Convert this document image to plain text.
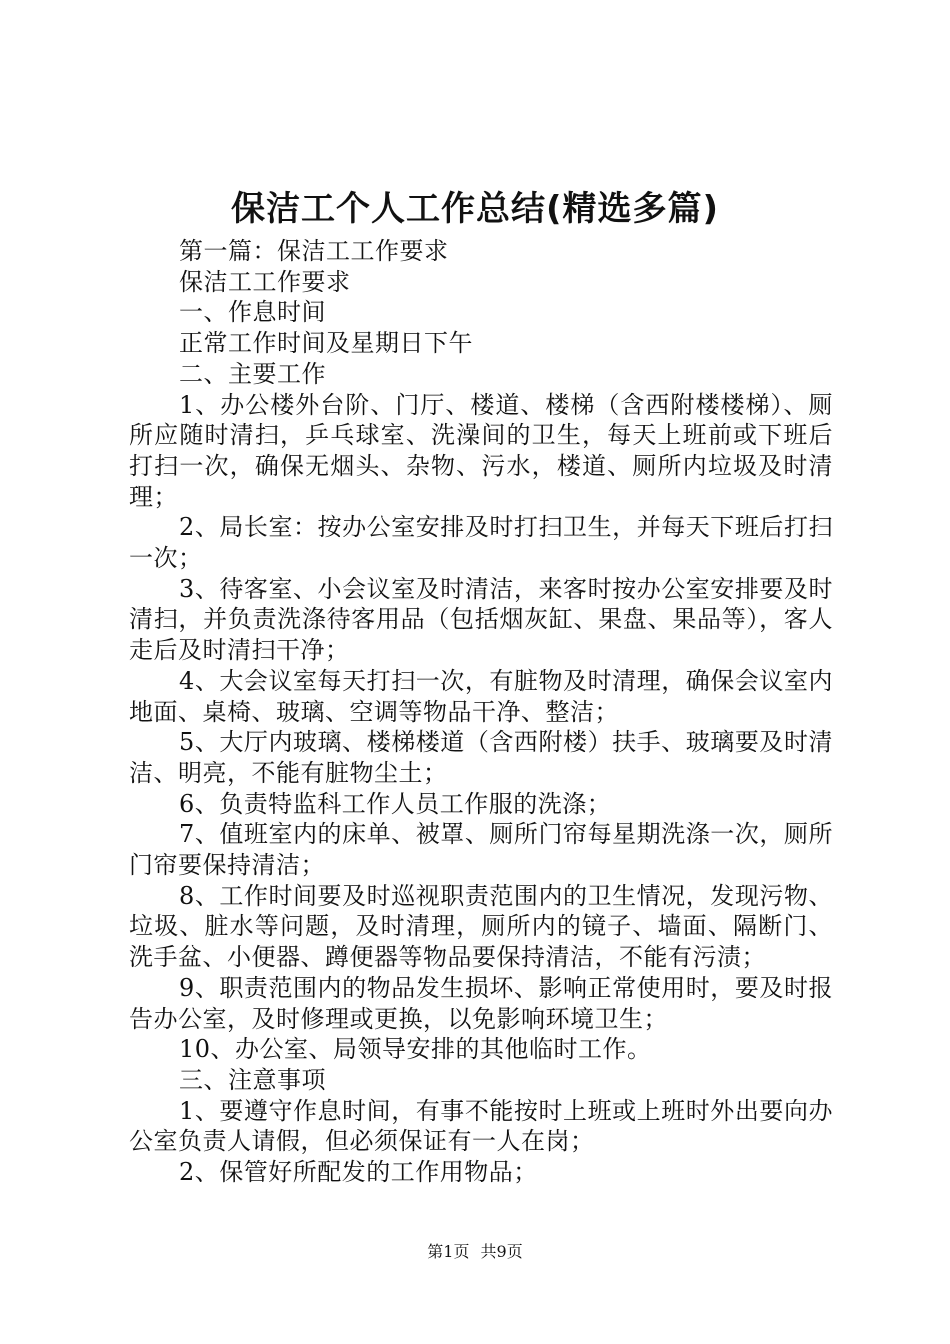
保洁工个人工作总结(精选多篇)

第一篇：保洁工工作要求

保洁工工作要求

一、作息时间

正常工作时间及星期日下午

二、主要工作

1、办公楼外台阶、门厅、楼道、楼梯（含西附楼楼梯）、厕所应随时清扫，乒乓球室、洗澡间的卫生，每天上班前或下班后打扫一次，确保无烟头、杂物、污水，楼道、厕所内垃圾及时清理；

2、局长室：按办公室安排及时打扫卫生，并每天下班后打扫一次；

3、待客室、小会议室及时清洁，来客时按办公室安排要及时清扫，并负责洗涤待客用品（包括烟灰缸、果盘、果品等），客人走后及时清扫干净；

4、大会议室每天打扫一次，有脏物及时清理，确保会议室内地面、桌椅、玻璃、空调等物品干净、整洁；

5、大厅内玻璃、楼梯楼道（含西附楼）扶手、玻璃要及时清洁、明亮，不能有脏物尘土；

6、负责特监科工作人员工作服的洗涤；

7、值班室内的床单、被罩、厕所门帘每星期洗涤一次，厕所门帘要保持清洁；

8、工作时间要及时巡视职责范围内的卫生情况，发现污物、垃圾、脏水等问题，及时清理，厕所内的镜子、墙面、隔断门、洗手盆、小便器、蹲便器等物品要保持清洁，不能有污渍；

9、职责范围内的物品发生损坏、影响正常使用时，要及时报告办公室，及时修理或更换，以免影响环境卫生；

10、办公室、局领导安排的其他临时工作。

三、注意事项

1、要遵守作息时间，有事不能按时上班或上班时外出要向办公室负责人请假，但必须保证有一人在岗；

2、保管好所配发的工作用物品；

第1页 共9页
